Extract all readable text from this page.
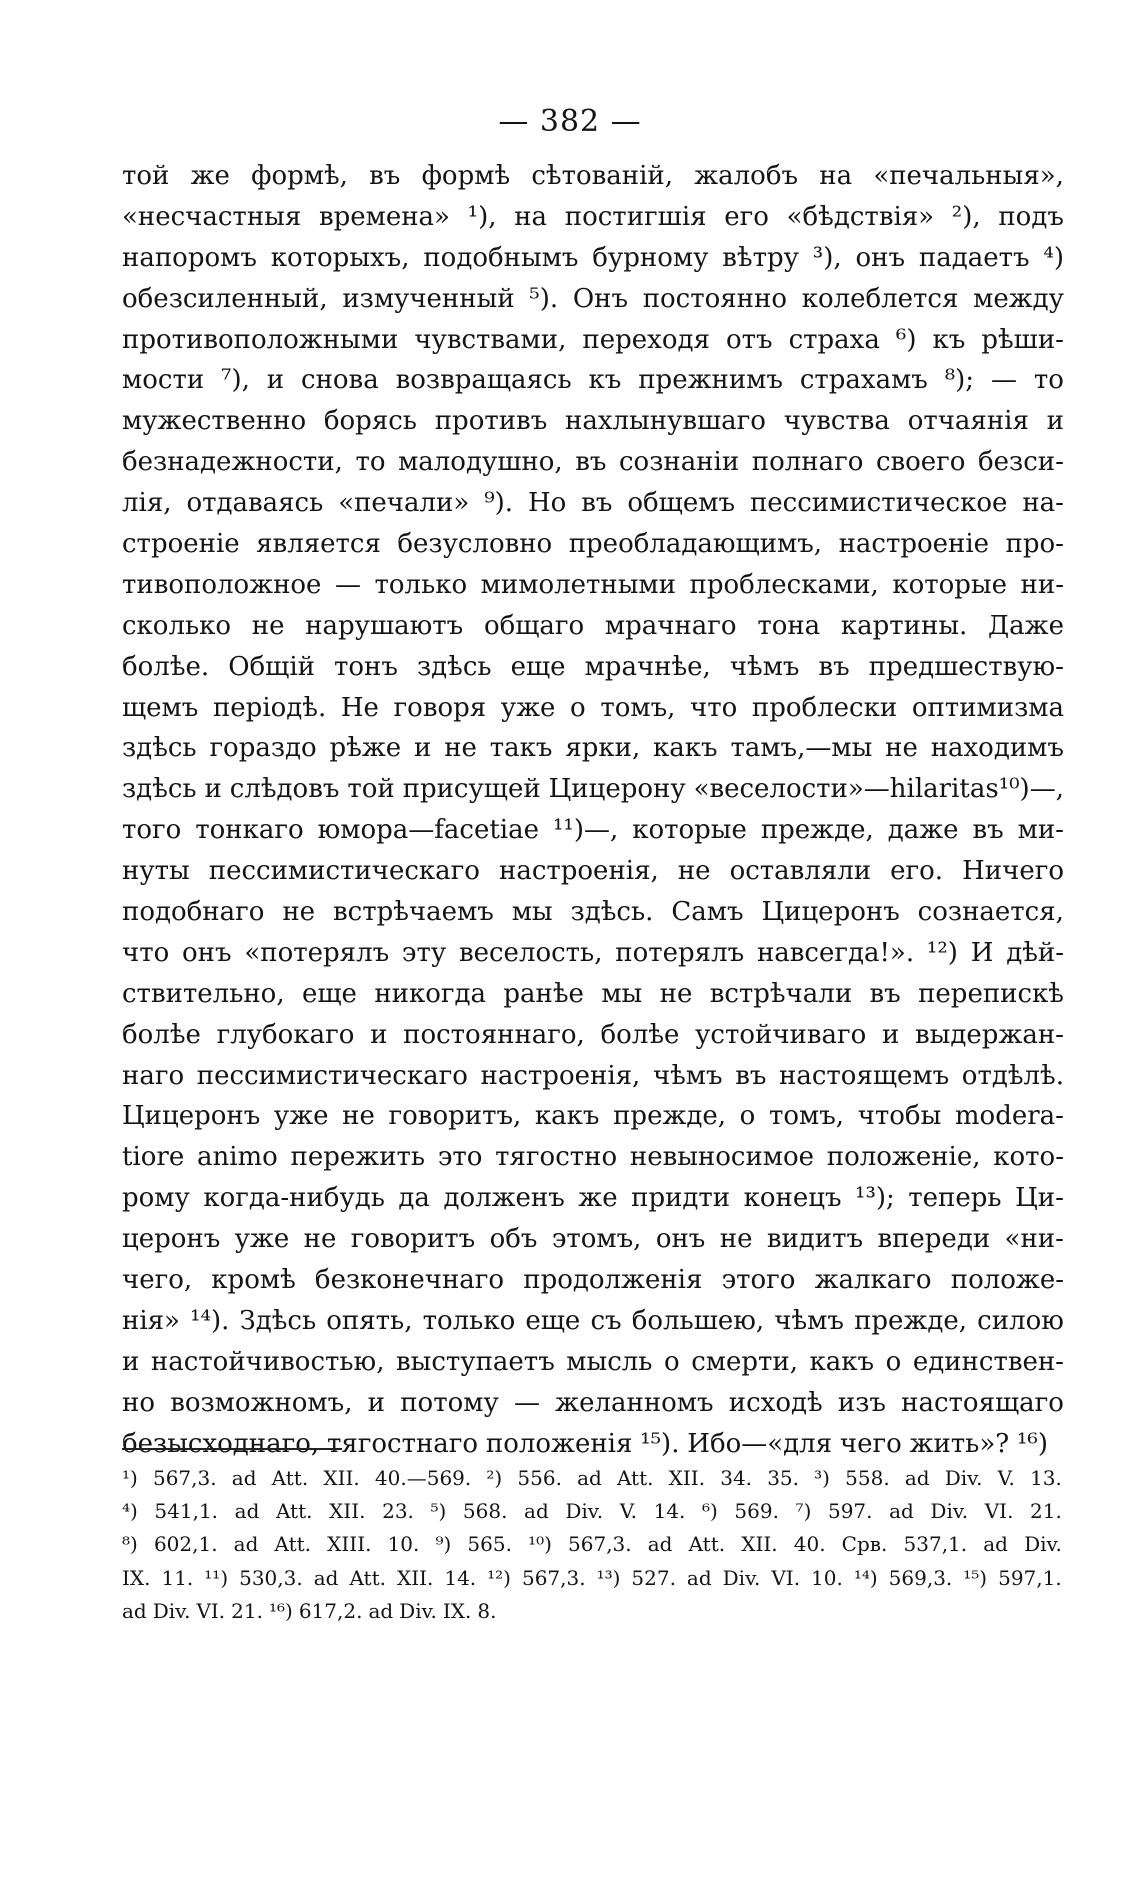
— 382 —
той же формѣ, въ формѣ сѣтованій, жалобъ на «печальныя»,
«несчастныя времена» ¹), на постигшія его «бѣдствія» ²), подъ
напоромъ которыхъ, подобнымъ бурному вѣтру ³), онъ падаетъ ⁴)
обезсиленный, измученный ⁵). Онъ постоянно колеблется между
противоположными чувствами, переходя отъ страха ⁶) къ рѣши-
мости ⁷), и снова возвращаясь къ прежнимъ страхамъ ⁸); — то
мужественно борясь противъ нахлынувшаго чувства отчаянія и
безнадежности, то малодушно, въ сознаніи полнаго своего безси-
лія, отдаваясь «печали» ⁹). Но въ общемъ пессимистическое на-
строеніе является безусловно преобладающимъ, настроеніе про-
тивоположное — только мимолетными проблесками, которые ни-
сколько не нарушаютъ общаго мрачнаго тона картины. Даже
болѣе. Общій тонъ здѣсь еще мрачнѣе, чѣмъ въ предшествую-
щемъ періодѣ. Не говоря уже о томъ, что проблески оптимизма
здѣсь гораздо рѣже и не такъ ярки, какъ тамъ,—мы не находимъ
здѣсь и слѣдовъ той присущей Цицерону «веселости»—hilaritas¹⁰)—,
того тонкаго юмора—facetiae ¹¹)—, которые прежде, даже въ ми-
нуты пессимистическаго настроенія, не оставляли его. Ничего
подобнаго не встрѣчаемъ мы здѣсь. Самъ Цицеронъ сознается,
что онъ «потерялъ эту веселость, потерялъ навсегда!». ¹²) И дѣй-
ствительно, еще никогда ранѣе мы не встрѣчали въ перепискѣ
болѣе глубокаго и постояннаго, болѣе устойчиваго и выдержан-
наго пессимистическаго настроенія, чѣмъ въ настоящемъ отдѣлѣ.
Цицеронъ уже не говоритъ, какъ прежде, о томъ, чтобы modera-
tiore animo пережить это тягостно невыносимое положеніе, кото-
рому когда-нибудь да долженъ же придти конецъ ¹³); теперь Ци-
церонъ уже не говоритъ объ этомъ, онъ не видитъ впереди «ни-
чего, кромѣ безконечнаго продолженія этого жалкаго положе-
нія» ¹⁴). Здѣсь опять, только еще съ большею, чѣмъ прежде, силою
и настойчивостью, выступаетъ мысль о смерти, какъ о единствен-
но возможномъ, и потому — желанномъ исходѣ изъ настоящаго
безысходнаго, тягостнаго положенія ¹⁵). Ибо—«для чего жить»? ¹⁶)
¹) 567,3. ad Att. XII. 40.—569. ²) 556. ad Att. XII. 34. 35. ³) 558. ad Div. V. 13.
⁴) 541,1. ad Att. XII. 23. ⁵) 568. ad Div. V. 14. ⁶) 569. ⁷) 597. ad Div. VI. 21.
⁸) 602,1. ad Att. XIII. 10. ⁹) 565. ¹⁰) 567,3. ad Att. XII. 40. Срв. 537,1. ad Div.
IX. 11. ¹¹) 530,3. ad Att. XII. 14. ¹²) 567,3. ¹³) 527. ad Div. VI. 10. ¹⁴) 569,3. ¹⁵) 597,1.
ad Div. VI. 21. ¹⁶) 617,2. ad Div. IX. 8.
